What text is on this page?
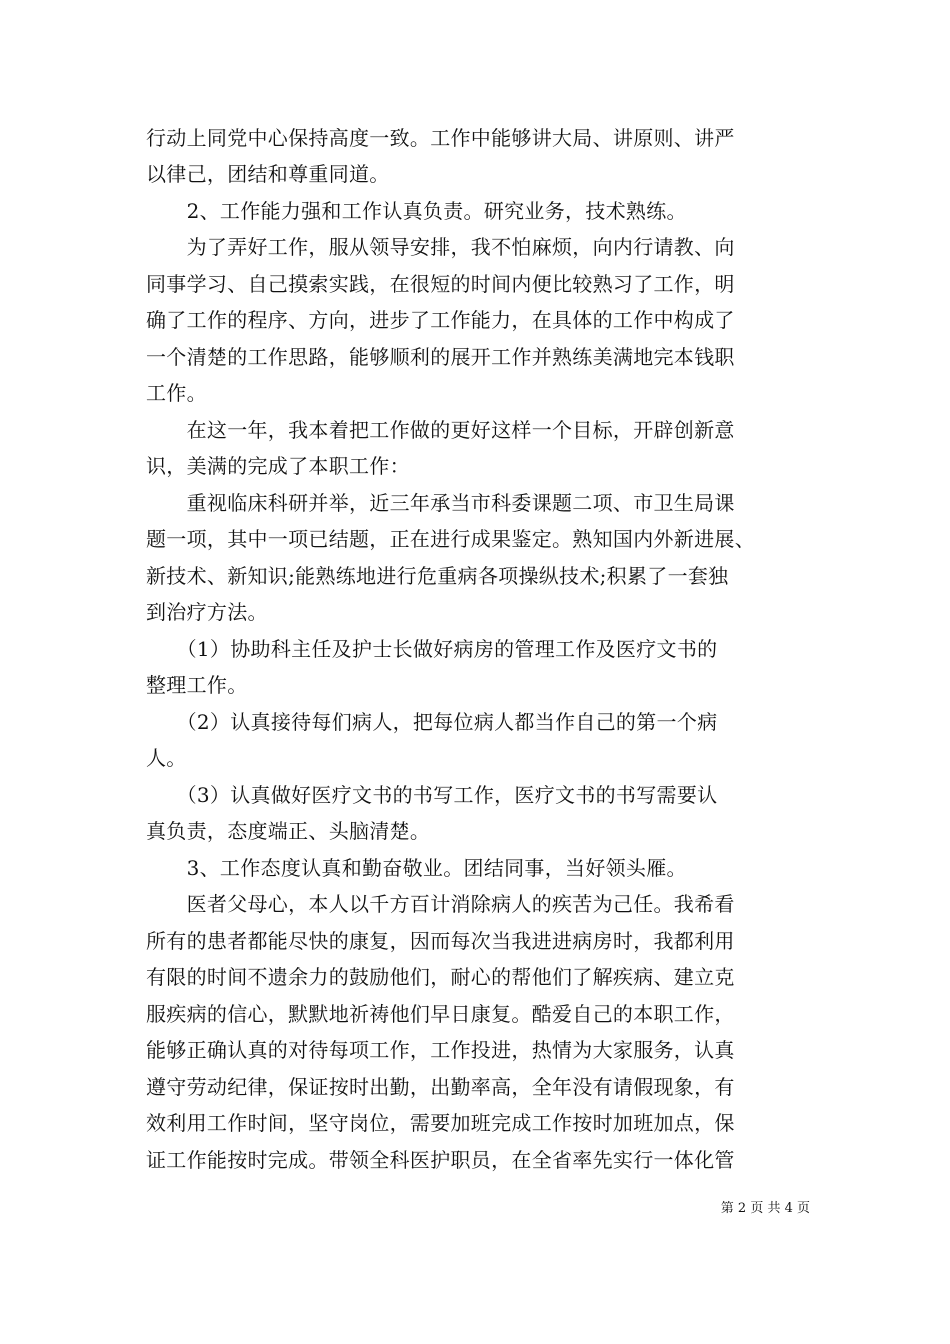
行动上同党中心保持高度一致。工作中能够讲大局、讲原则、讲严
以律己，团结和尊重同道。
　　2、工作能力强和工作认真负责。研究业务，技术熟练。
　　为了弄好工作，服从领导安排，我不怕麻烦，向内行请教、向
同事学习、自己摸索实践，在很短的时间内便比较熟习了工作，明
确了工作的程序、方向，进步了工作能力，在具体的工作中构成了
一个清楚的工作思路，能够顺利的展开工作并熟练美满地完本钱职
工作。
　　在这一年，我本着把工作做的更好这样一个目标，开辟创新意
识，美满的完成了本职工作：
　　重视临床科研并举，近三年承当市科委课题二项、市卫生局课
题一项，其中一项已结题，正在进行成果鉴定。熟知国内外新进展、
新技术、新知识;能熟练地进行危重病各项操纵技术;积累了一套独
到治疗方法。
　　（1）协助科主任及护士长做好病房的管理工作及医疗文书的
整理工作。
　　（2）认真接待每们病人，把每位病人都当作自己的第一个病
人。
　　（3）认真做好医疗文书的书写工作，医疗文书的书写需要认
真负责，态度端正、头脑清楚。
　　3、工作态度认真和勤奋敬业。团结同事，当好领头雁。
　　医者父母心，本人以千方百计消除病人的疾苦为己任。我希看
所有的患者都能尽快的康复，因而每次当我进进病房时，我都利用
有限的时间不遗余力的鼓励他们，耐心的帮他们了解疾病、建立克
服疾病的信心，默默地祈祷他们早日康复。酷爱自己的本职工作，
能够正确认真的对待每项工作，工作投进，热情为大家服务，认真
遵守劳动纪律，保证按时出勤，出勤率高，全年没有请假现象，有
效利用工作时间，坚守岗位，需要加班完成工作按时加班加点，保
证工作能按时完成。带领全科医护职员，在全省率先实行一体化管
第 2 页 共 4 页
